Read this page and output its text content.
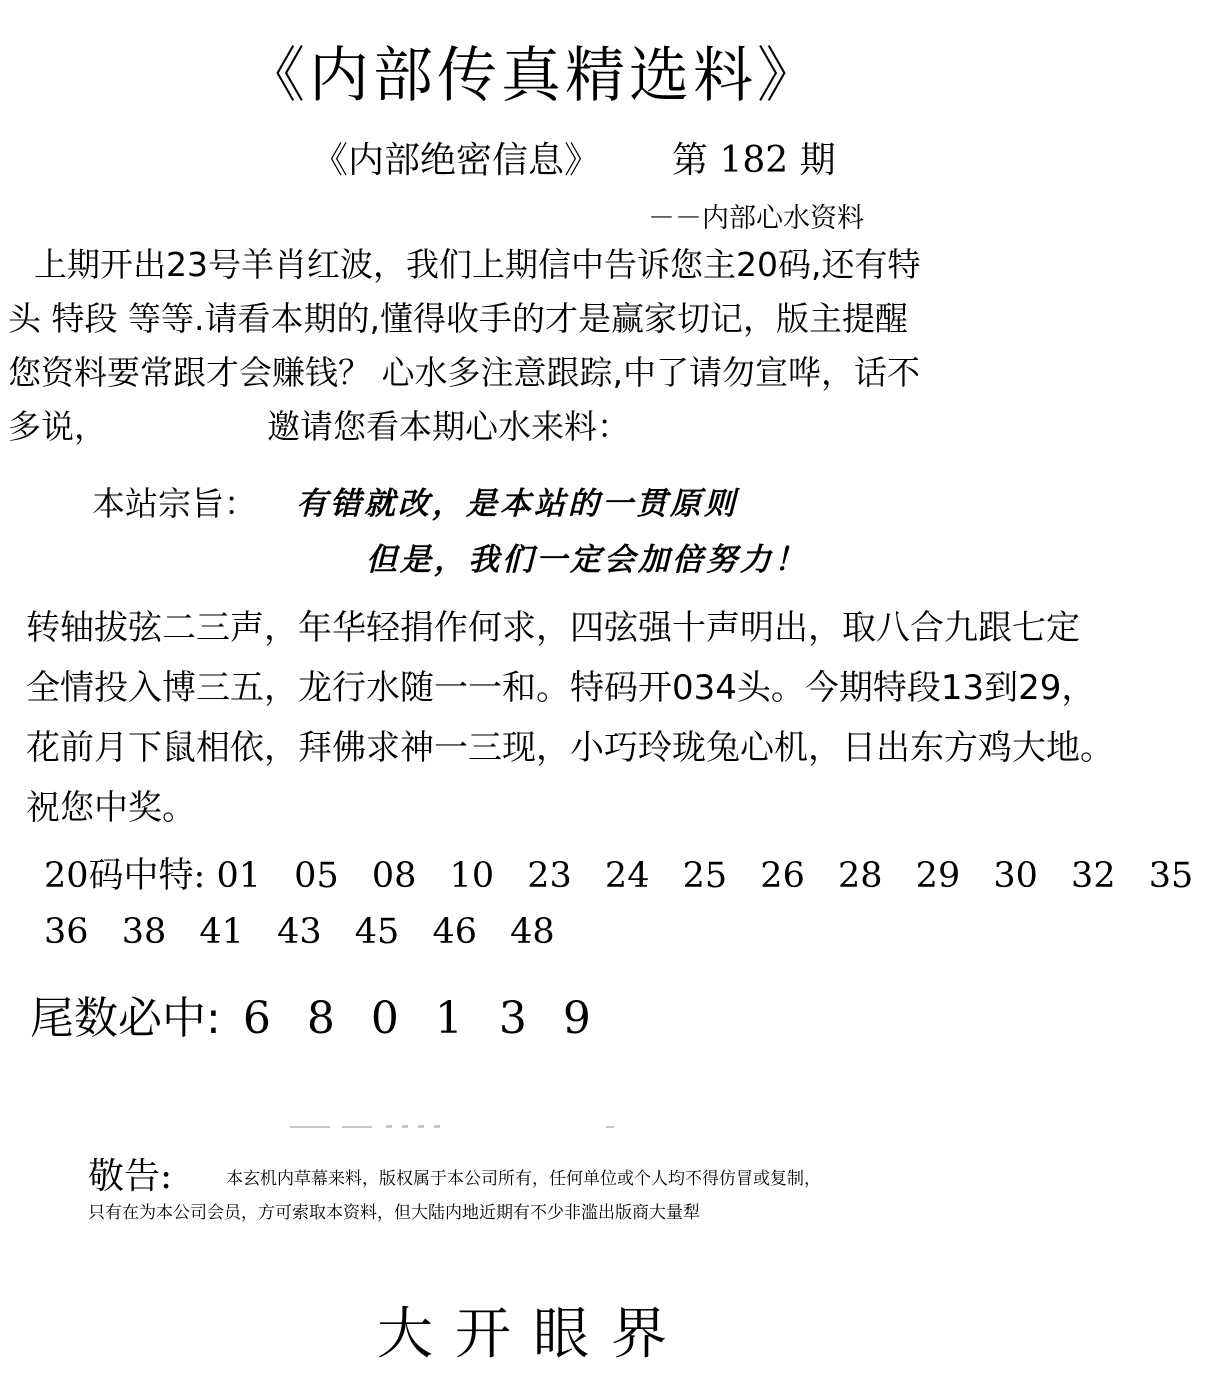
《内部传真精选料》
《内部绝密信息》 第 182 期
－－内部心水资料
上期开出23号羊肖红波，我们上期信中告诉您主20码,还有特
头 特段 等等.请看本期的,懂得收手的才是赢家切记，版主提醒
您资料要常跟才会赚钱？ 心水多注意跟踪,中了请勿宣哗，话不
多说，	邀请您看本期心水来料：
本站宗旨： 有错就改，是本站的一贯原则
但是，我们一定会加倍努力！
转轴拔弦二三声，年华轻捐作何求，四弦强十声明出，取八合九跟七定
全情投入博三五，龙行水随一一和。特码开034头。今期特段13到29，
花前月下鼠相依，拜佛求神一三现，小巧玲珑兔心机，日出东方鸡大地。
祝您中奖。
20码中特: 01 05 08 10 23 24 25 26 28 29 30 32 35
36 38 41 43 45 46 48
尾数必中: 6 8 0 1 3 9
敬告:	本玄机内草幕来料，版权属于本公司所有，任何单位或个人均不得仿冒或复制，
只有在为本公司会员，方可索取本资料，但大陆内地近期有不少非滥出版商大量犁
大开眼界
